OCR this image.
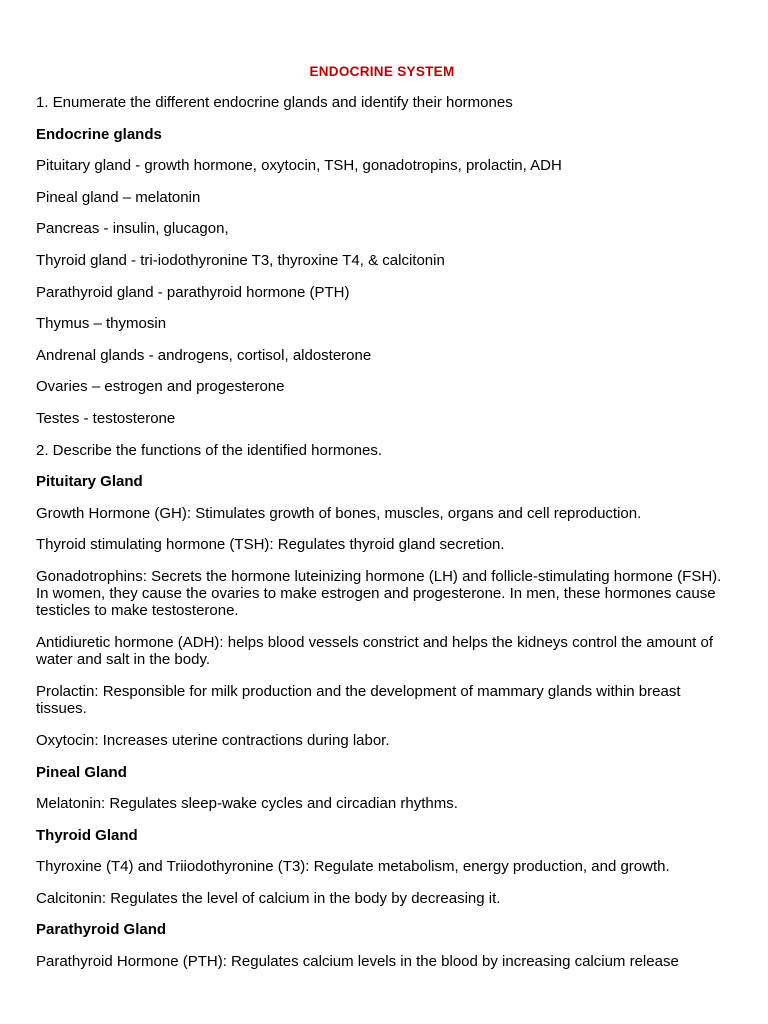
ENDOCRINE SYSTEM

1. Enumerate the different endocrine glands and identify their hormones

Endocrine glands

Pituitary gland - growth hormone, oxytocin, TSH, gonadotropins, prolactin, ADH

Pineal gland – melatonin

Pancreas - insulin, glucagon,

Thyroid gland - tri-iodothyronine T3, thyroxine T4, & calcitonin

Parathyroid gland - parathyroid hormone (PTH)

Thymus – thymosin

Andrenal glands - androgens, cortisol, aldosterone

Ovaries – estrogen and progesterone

Testes - testosterone

2. Describe the functions of the identified hormones.

Pituitary Gland

Growth Hormone (GH): Stimulates growth of bones, muscles, organs and cell reproduction.

Thyroid stimulating hormone (TSH): Regulates thyroid gland secretion.

Gonadotrophins: Secrets the hormone luteinizing hormone (LH) and follicle-stimulating hormone (FSH). In women, they cause the ovaries to make estrogen and progesterone. In men, these hormones cause testicles to make testosterone.

Antidiuretic hormone (ADH): helps blood vessels constrict and helps the kidneys control the amount of water and salt in the body.

Prolactin: Responsible for milk production and the development of mammary glands within breast tissues.

Oxytocin: Increases uterine contractions during labor.

Pineal Gland

Melatonin: Regulates sleep-wake cycles and circadian rhythms.

Thyroid Gland

Thyroxine (T4) and Triiodothyronine (T3): Regulate metabolism, energy production, and growth.

Calcitonin: Regulates the level of calcium in the body by decreasing it.

Parathyroid Gland

Parathyroid Hormone (PTH): Regulates calcium levels in the blood by increasing calcium release
